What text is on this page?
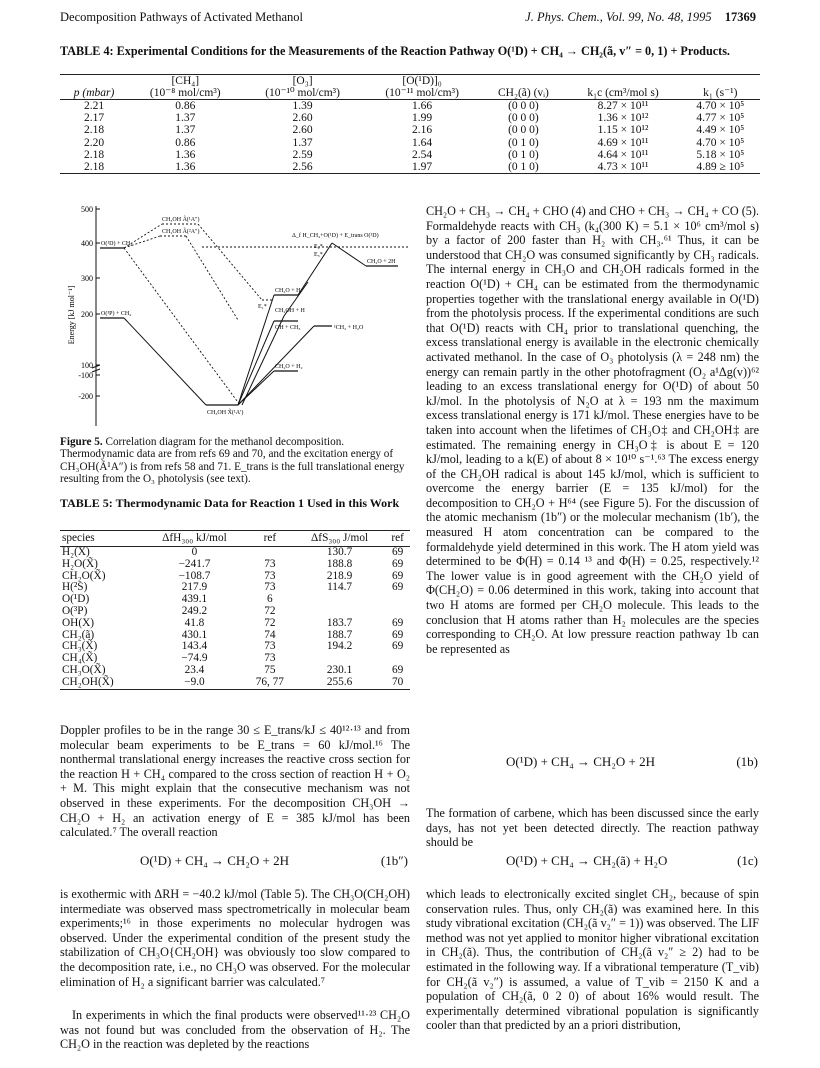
Decomposition Pathways of Activated Methanol	J. Phys. Chem., Vol. 99, No. 48, 1995 17369
TABLE 4: Experimental Conditions for the Measurements of the Reaction Pathway O(¹D) + CH₄ → CH₂(ã, v″ = 0, 1) + Products.
	[CH₄]	[O₃]	[O(¹D)]₀			
p (mbar)	(10⁻⁸ mol/cm³)	(10⁻¹⁰ mol/cm³)	(10⁻¹¹ mol/cm³)	CH₂(ã) (vᵢ)	k₁c (cm³/mol s)	k₁ (s⁻¹)
2.21	0.86	1.39	1.66	(0 0 0)	8.27 × 10¹¹	4.70 × 10⁵
2.17	1.37	2.60	1.99	(0 0 0)	1.36 × 10¹²	4.77 × 10⁵
2.18	1.37	2.60	2.16	(0 0 0)	1.15 × 10¹²	4.49 × 10⁵
2.20	0.86	1.37	1.64	(0 1 0)	4.69 × 10¹¹	4.70 × 10⁵
2.18	1.36	2.59	2.54	(0 1 0)	4.64 × 10¹¹	5.18 × 10⁵
2.18	1.36	2.56	1.97	(0 1 0)	4.73 × 10¹¹	4.89 ≥ 10⁵
500
400
300
200
100
-100
-200
Energy [kJ mol⁻¹]
CH₃OH Ã(¹A″)
CH₂OH Ã(²A″)
O(¹D) + CH₄
O(³P) + CH₄
CH₃OH X̃(¹A′)
CH₂O + H
CH₂OH + H
OH + CH₃	¹CH₂ + H₂O
CH₂O + H₂
CH₂O + 2H
E₁*
E₂*
E₃*
Δ_f H_CH₄+O(¹D) + E_trans O(¹D)
Figure 5. Correlation diagram for the methanol decomposition. Thermodynamic data are from refs 69 and 70, and the excitation energy of CH₃OH(Ã¹A″) is from refs 58 and 71. E_trans is the full translational energy resulting from the O₃ photolysis (see text).
TABLE 5: Thermodynamic Data for Reaction 1 Used in this Work
species	ΔfH₃₀₀ kJ/mol	ref	ΔfS₃₀₀ J/mol	ref
H₂(X)	0		130.7	69
H₂O(X̃)	−241.7	73	188.8	69
CH₂O(X̃)	−108.7	73	218.9	69
H(²S)	217.9	73	114.7	69
O(¹D)	439.1	6		
O(³P)	249.2	72		
OH(X)	41.8	72	183.7	69
CH₂(ã)	430.1	74	188.7	69
CH₃(X̃)	143.4	73	194.2	69
CH₄(X̃)	−74.9	73		
CH₃O(X̃)	23.4	75	230.1	69
CH₂OH(X̃)	−9.0	76, 77	255.6	70
Doppler profiles to be in the range 30 ≤ E_trans/kJ ≤ 40¹²·¹³ and from molecular beam experiments to be E_trans = 60 kJ/mol.¹⁶ The nonthermal translational energy increases the reactive cross section for the reaction H + CH₄ compared to the cross section of reaction H + O₂ + M. This might explain that the consecutive mechanism was not observed in these experiments. For the decomposition CH₃OH → CH₂O + H₂ an activation energy of E = 385 kJ/mol has been calculated.⁷ The overall reaction
O(¹D) + CH₄ → CH₂O + 2H	(1b″)
is exothermic with ΔRH = −40.2 kJ/mol (Table 5). The CH₃O(CH₂OH) intermediate was observed mass spectrometrically in molecular beam experiments;¹⁶ in those experiments no molecular hydrogen was observed. Under the experimental condition of the present study the stabilization of CH₃O{CH₂OH} was obviously too slow compared to the decomposition rate, i.e., no CH₃O was observed. For the molecular elimination of H₂ a significant barrier was calculated.⁷
In experiments in which the final products were observed¹¹·²³ CH₂O was not found but was concluded from the observation of H₂. The CH₂O in the reaction was depleted by the reactions
CH₂O + CH₃ → CH₄ + CHO (4) and CHO + CH₃ → CH₄ + CO (5). Formaldehyde reacts with CH₃ (k₄(300 K) = 5.1 × 10⁶ cm³/mol s) by a factor of 200 faster than H₂ with CH₃.⁶¹ Thus, it can be understood that CH₂O was consumed significantly by CH₃ radicals. The internal energy in CH₃O and CH₂OH radicals formed in the reaction O(¹D) + CH₄ can be estimated from the thermodynamic properties together with the translational energy available in O(¹D) from the photolysis process. If the experimental conditions are such that O(¹D) reacts with CH₄ prior to translational quenching, the excess translational energy is available in the electronic chemically activated methanol. In the case of O₃ photolysis (λ = 248 nm) the energy can remain partly in the other photofragment (O₂ a¹Δg(v))⁶² leading to an excess translational energy for O(¹D) of about 50 kJ/mol. In the photolysis of N₂O at λ = 193 nm the maximum excess translational energy is 171 kJ/mol. These energies have to be taken into account when the lifetimes of CH₃O‡ and CH₂OH‡ are estimated. The remaining energy in CH₃O‡ is about E = 120 kJ/mol, leading to a k(E) of about 8 × 10¹⁰ s⁻¹.⁶³ The excess energy of the CH₂OH radical is about 145 kJ/mol, which is sufficient to overcome the energy barrier (E = 135 kJ/mol) for the decomposition to CH₂O + H⁶⁴ (see Figure 5). For the discussion of the atomic mechanism (1b″) or the molecular mechanism (1b′), the measured H atom concentration can be compared to the formaldehyde yield determined in this work. The H atom yield was determined to be Φ(H) = 0.14 ¹³ and Φ(H) = 0.25, respectively.¹² The lower value is in good agreement with the CH₂O yield of Φ(CH₂O) = 0.06 determined in this work, taking into account that two H atoms are formed per CH₂O molecule. This leads to the conclusion that H atoms rather than H₂ molecules are the species corresponding to CH₂O. At low pressure reaction pathway 1b can be represented as
O(¹D) + CH₄ → CH₂O + 2H	(1b)
The formation of carbene, which has been discussed since the early days, has not yet been detected directly. The reaction pathway should be
O(¹D) + CH₄ → CH₂(ã) + H₂O	(1c)
which leads to electronically excited singlet CH₂, because of spin conservation rules. Thus, only CH₂(ã) was examined here. In this study vibrational excitation (CH₂(ã v₂″ = 1)) was observed. The LIF method was not yet applied to monitor higher vibrational excitation in CH₂(ã). Thus, the contribution of CH₂(ã v₂″ ≥ 2) had to be estimated in the following way. If a vibrational temperature (T_vib) for CH₂(ã v₂″) is assumed, a value of T_vib = 2150 K and a population of CH₂(ã, 0 2 0) of about 16% would result. The experimentally determined vibrational population is significantly cooler than that predicted by an a priori distribution,
